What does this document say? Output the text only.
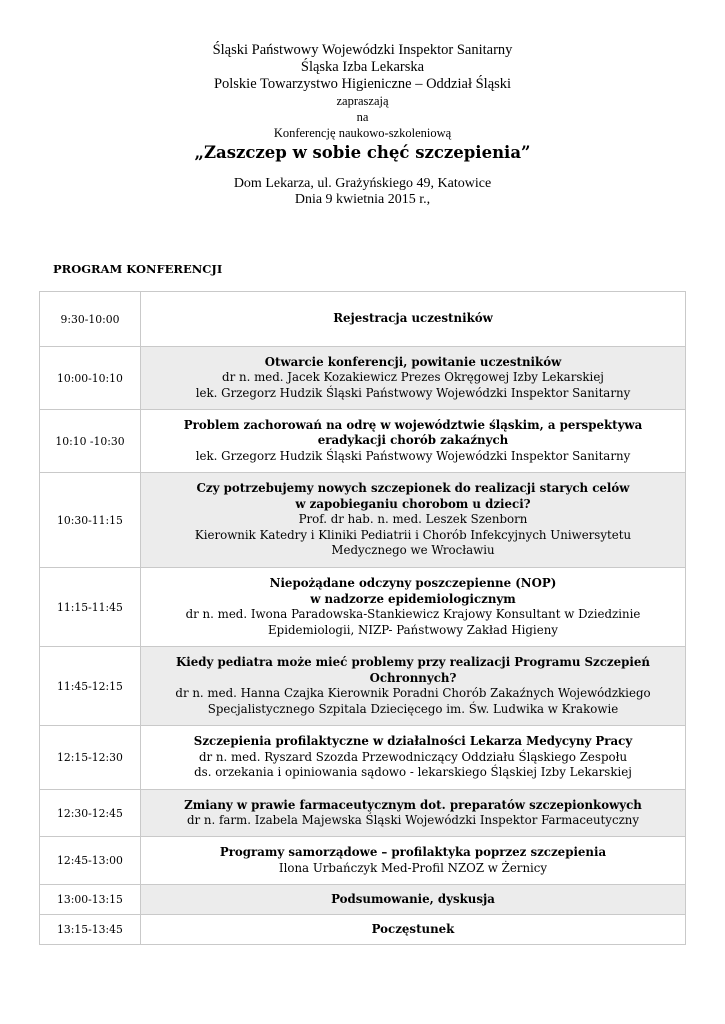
Śląski Państwowy Wojewódzki Inspektor Sanitarny
Śląska Izba Lekarska
Polskie Towarzystwo Higieniczne – Oddział Śląski
zapraszają
na
Konferencję naukowo-szkoleniową
„Zaszczep w sobie chęć szczepienia”
Dom Lekarza, ul. Grażyńskiego 49, Katowice
Dnia 9 kwietnia 2015 r.,
PROGRAM KONFERENCJI
9:30-10:00	Rejestracja uczestników

10:00-10:10	Otwarcie konferencji, powitanie uczestników
dr n. med. Jacek Kozakiewicz Prezes Okręgowej Izby Lekarskiej
lek. Grzegorz Hudzik Śląski Państwowy Wojewódzki Inspektor Sanitarny

10:10 -10:30	Problem zachorowań na odrę w województwie śląskim, a perspektywa
eradykacji chorób zakaźnych
lek. Grzegorz Hudzik Śląski Państwowy Wojewódzki Inspektor Sanitarny

10:30-11:15	Czy potrzebujemy nowych szczepionek do realizacji starych celów
w zapobieganiu chorobom u dzieci?
Prof. dr hab. n. med. Leszek Szenborn
Kierownik Katedry i Kliniki Pediatrii i Chorób Infekcyjnych Uniwersytetu
Medycznego we Wrocławiu

11:15-11:45	Niepożądane odczyny poszczepienne (NOP)
w nadzorze epidemiologicznym
dr n. med. Iwona Paradowska-Stankiewicz Krajowy Konsultant w Dziedzinie
Epidemiologii, NIZP- Państwowy Zakład Higieny

11:45-12:15	Kiedy pediatra może mieć problemy przy realizacji Programu Szczepień
Ochronnych?
dr n. med. Hanna Czajka Kierownik Poradni Chorób Zakaźnych Wojewódzkiego
Specjalistycznego Szpitala Dziecięcego im. Św. Ludwika w Krakowie

12:15-12:30	Szczepienia profilaktyczne w działalności Lekarza Medycyny Pracy
dr n. med. Ryszard Szozda Przewodniczący Oddziału Śląskiego Zespołu
ds. orzekania i opiniowania sądowo - lekarskiego Śląskiej Izby Lekarskiej

12:30-12:45	Zmiany w prawie farmaceutycznym dot. preparatów szczepionkowych
dr n. farm. Izabela Majewska Śląski Wojewódzki Inspektor Farmaceutyczny

12:45-13:00	Programy samorządowe – profilaktyka poprzez szczepienia
Ilona Urbańczyk Med-Profil NZOZ w Żernicy

13:00-13:15	Podsumowanie, dyskusja

13:15-13:45	Poczęstunek
